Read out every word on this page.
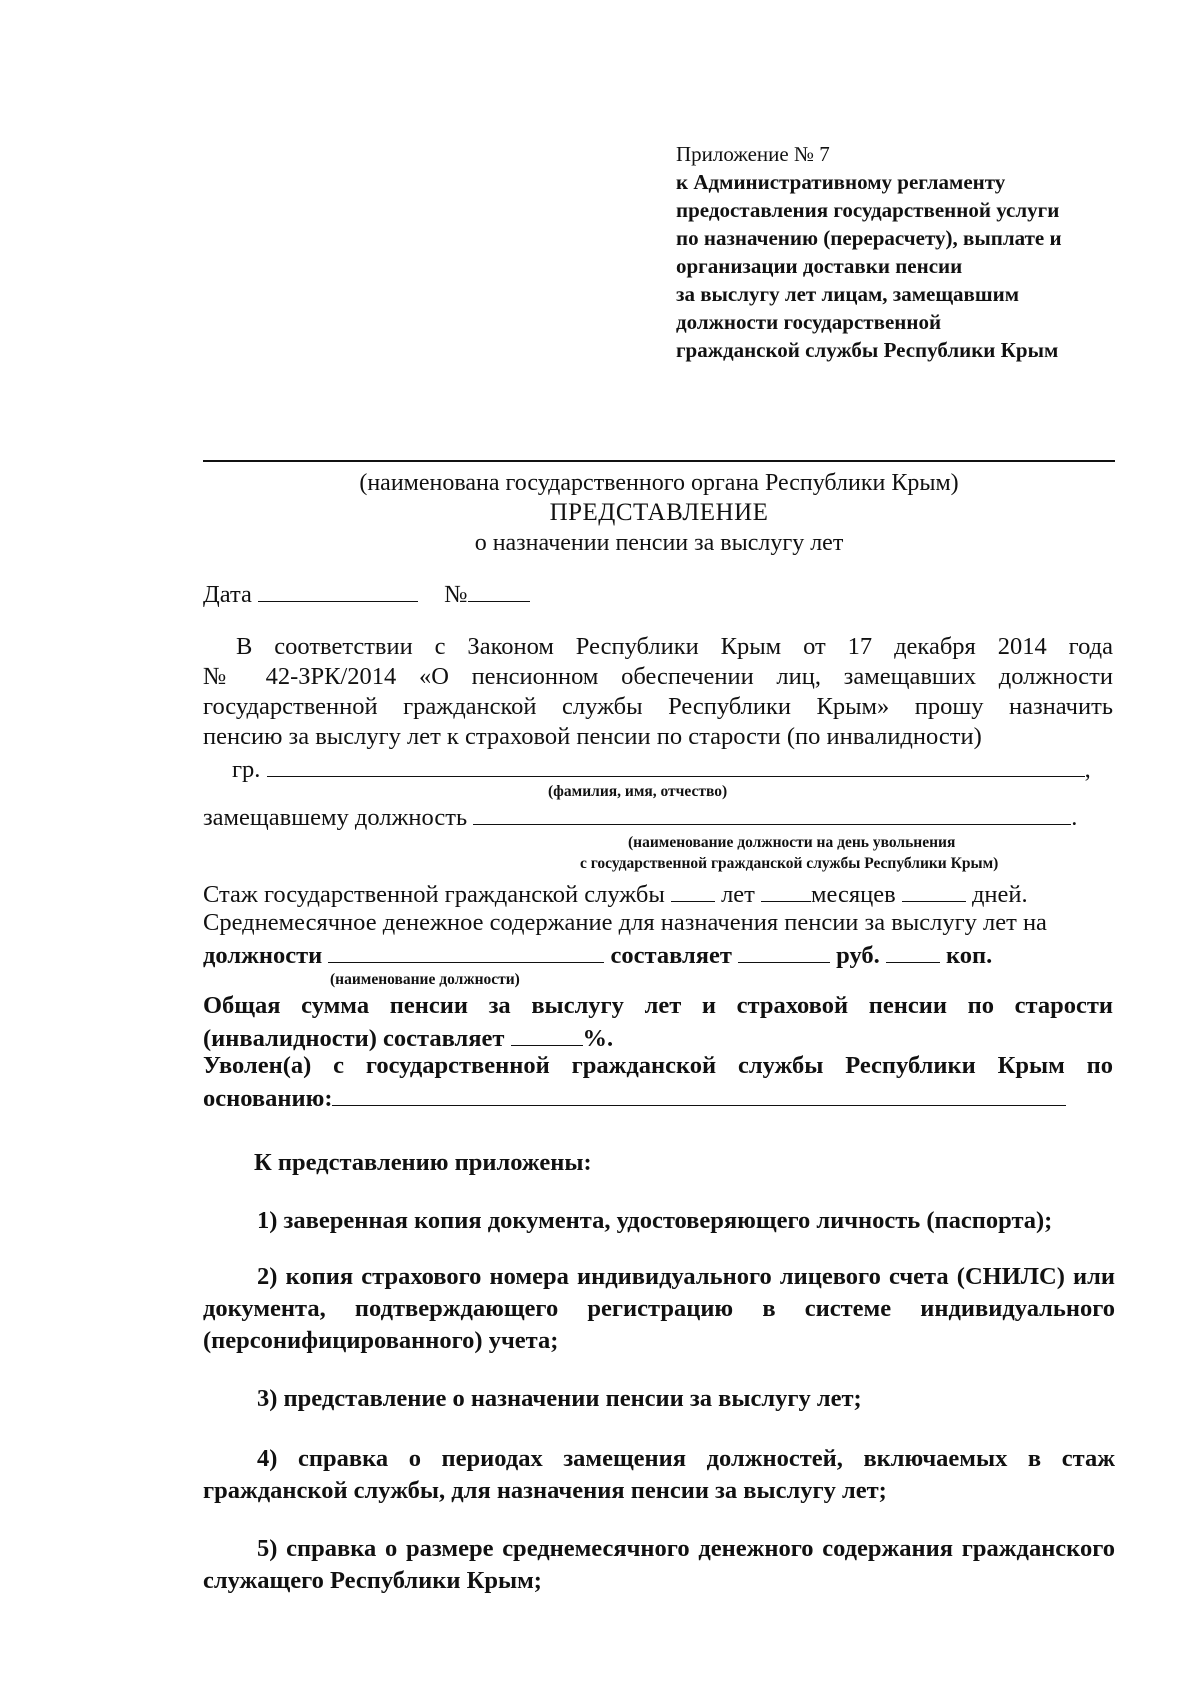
Приложение № 7
к Административному регламенту
предоставления государственной услуги
по назначению (перерасчету), выплате и
организации доставки пенсии
за выслугу лет лицам, замещавшим
должности государственной
гражданской службы Республики Крым
(наименована государственного органа Республики Крым)
ПРЕДСТАВЛЕНИЕ
о назначении пенсии за выслугу лет
Дата	№
В соответствии с Законом Республики Крым от 17 декабря 2014 года
№ 42-ЗРК/2014 «О пенсионном обеспечении лиц, замещавших должности
государственной гражданской службы Республики Крым» прошу назначить
пенсию за выслугу лет к страховой пенсии по старости (по инвалидности)
гр.	,
(фамилия, имя, отчество)
замещавшему должность	.
(наименование должности на день увольнения
с государственной гражданской службы Республики Крым)
Стаж государственной гражданской службы лет месяцев	дней.
Среднемесячное денежное содержание для назначения пенсии за выслугу лет на
должности	составляет	руб.	коп.
(наименование должности)
Общая сумма пенсии за выслугу лет и страховой пенсии по старости
(инвалидности) составляет	%.
Уволен(а) с государственной гражданской службы Республики Крым по
основанию:
К представлению приложены:
1) заверенная копия документа, удостоверяющего личность (паспорта);
2) копия страхового номера индивидуального лицевого счета (СНИЛС) или документа, подтверждающего регистрацию в системе индивидуального (персонифицированного) учета;
3) представление о назначении пенсии за выслугу лет;
4) справка о периодах замещения должностей, включаемых в стаж гражданской службы, для назначения пенсии за выслугу лет;
5) справка о размере среднемесячного денежного содержания гражданского служащего Республики Крым;
